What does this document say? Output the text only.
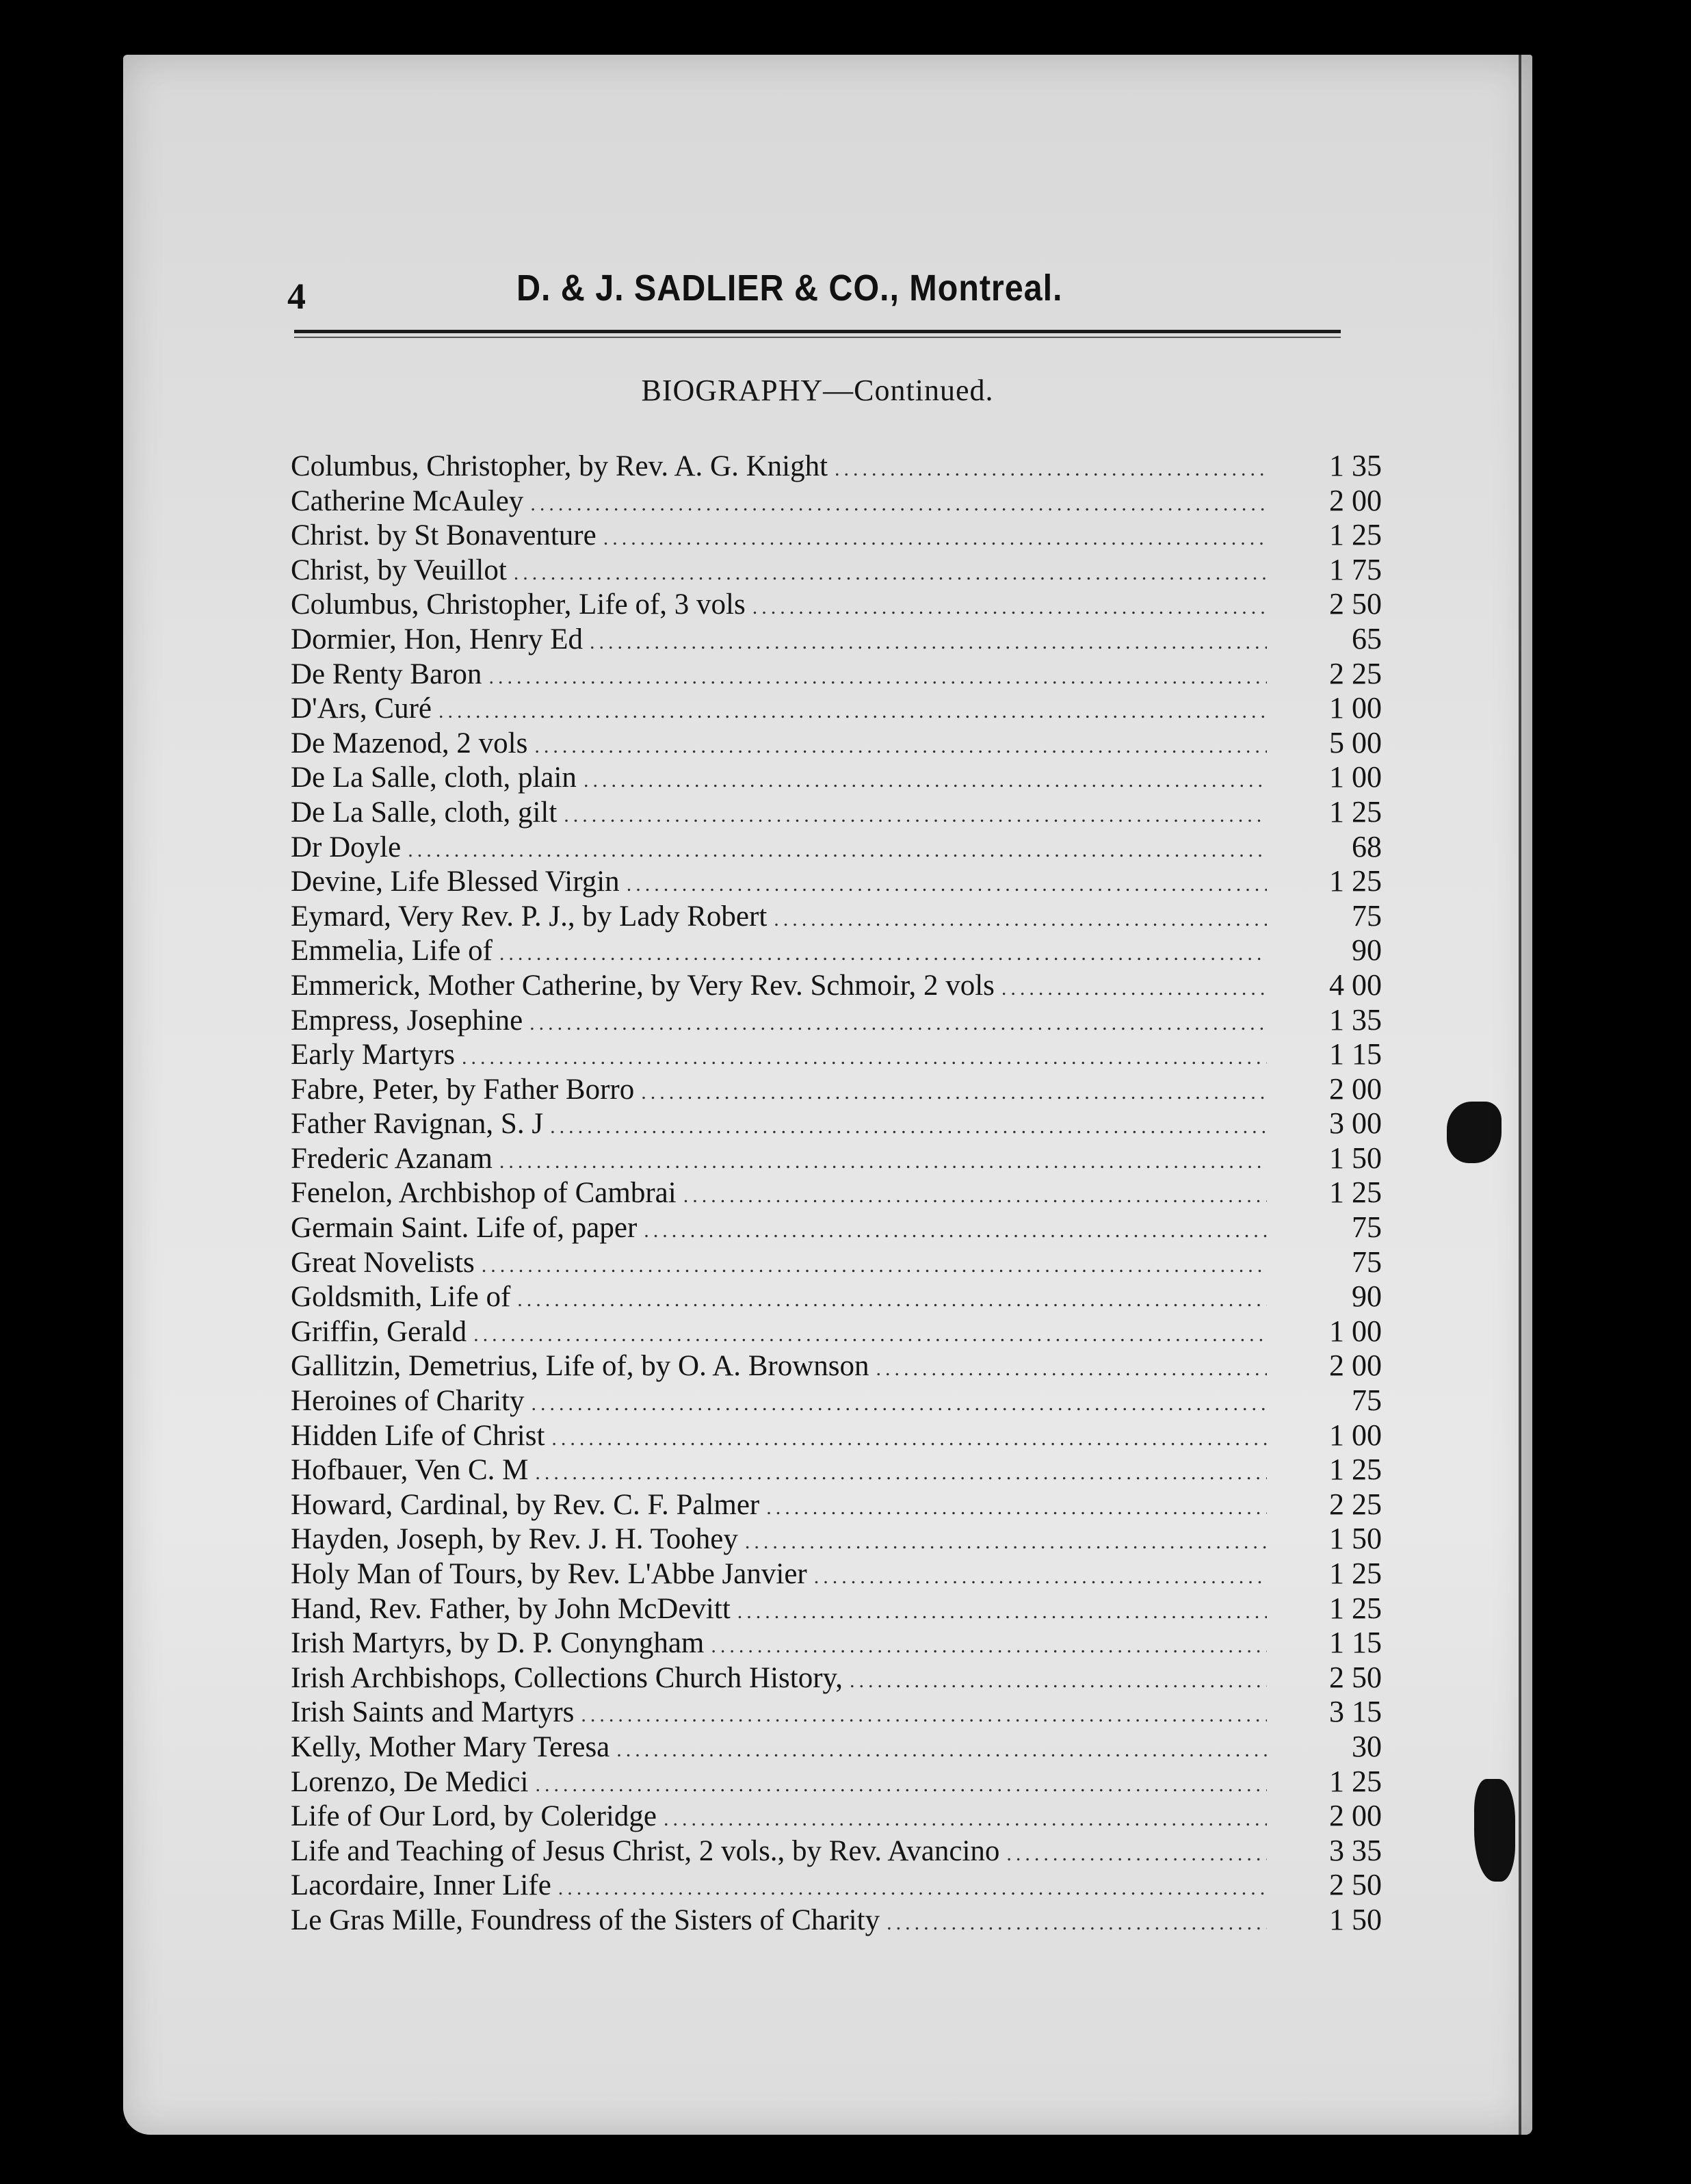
4	D. & J. SADLIER & CO., Montreal.
BIOGRAPHY—Continued.
Columbus, Christopher, by Rev. A. G. Knight .....	1 35
Catherine McAuley .....	2 00
Christ. by St Bonaventure .....	1 25
Christ, by Veuillot .....	1 75
Columbus, Christopher, Life of, 3 vols .....	2 50
Dormier, Hon, Henry Ed .....	65
De Renty Baron .....	2 25
D'Ars, Curé .....	1 00
De Mazenod, 2 vols .....	5 00
De La Salle, cloth, plain .....	1 00
De La Salle, cloth, gilt .....	1 25
Dr Doyle .....	68
Devine, Life Blessed Virgin .....	1 25
Eymard, Very Rev. P. J., by Lady Robert .....	75
Emmelia, Life of .....	90
Emmerick, Mother Catherine, by Very Rev. Schmoir, 2 vols .....	4 00
Empress, Josephine .....	1 35
Early Martyrs .....	1 15
Fabre, Peter, by Father Borro .....	2 00
Father Ravignan, S. J .....	3 00
Frederic Azanam .....	1 50
Fenelon, Archbishop of Cambrai .....	1 25
Germain Saint. Life of, paper .....	75
Great Novelists .....	75
Goldsmith, Life of .....	90
Griffin, Gerald .....	1 00
Gallitzin, Demetrius, Life of, by O. A. Brownson .....	2 00
Heroines of Charity .....	75
Hidden Life of Christ .....	1 00
Hofbauer, Ven C. M .....	1 25
Howard, Cardinal, by Rev. C. F. Palmer .....	2 25
Hayden, Joseph, by Rev. J. H. Toohey .....	1 50
Holy Man of Tours, by Rev. L'Abbe Janvier .....	1 25
Hand, Rev. Father, by John McDevitt .....	1 25
Irish Martyrs, by D. P. Conyngham .....	1 15
Irish Archbishops, Collections Church History, .....	2 50
Irish Saints and Martyrs .....	3 15
Kelly, Mother Mary Teresa .....	30
Lorenzo, De Medici .....	1 25
Life of Our Lord, by Coleridge .....	2 00
Life and Teaching of Jesus Christ, 2 vols., by Rev. Avancino .....	3 35
Lacordaire, Inner Life .....	2 50
Le Gras Mille, Foundress of the Sisters of Charity .....	1 50
